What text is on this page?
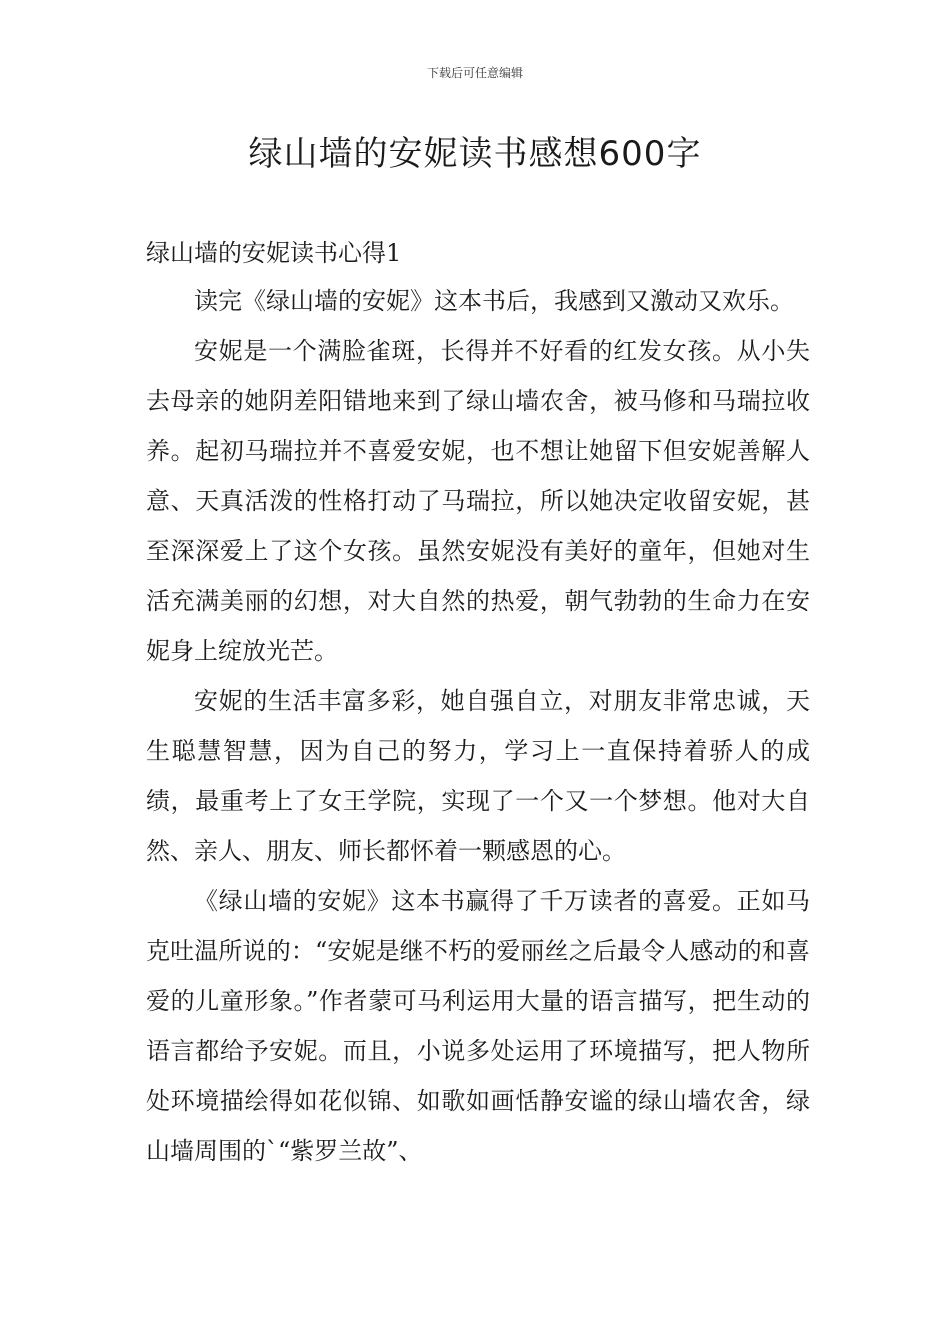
下载后可任意编辑
绿山墙的安妮读书感想600字
绿山墙的安妮读书心得1

读完《绿山墙的安妮》这本书后，我感到又激动又欢乐。

安妮是一个满脸雀斑，长得并不好看的红发女孩。从小失去母亲的她阴差阳错地来到了绿山墙农舍，被马修和马瑞拉收养。起初马瑞拉并不喜爱安妮，也不想让她留下但安妮善解人意、天真活泼的性格打动了马瑞拉，所以她决定收留安妮，甚至深深爱上了这个女孩。虽然安妮没有美好的童年，但她对生活充满美丽的幻想，对大自然的热爱，朝气勃勃的生命力在安妮身上绽放光芒。

安妮的生活丰富多彩，她自强自立，对朋友非常忠诚，天生聪慧智慧，因为自己的努力，学习上一直保持着骄人的成绩，最重考上了女王学院，实现了一个又一个梦想。他对大自然、亲人、朋友、师长都怀着一颗感恩的心。

《绿山墙的安妮》这本书赢得了千万读者的喜爱。正如马克吐温所说的：“安妮是继不朽的爱丽丝之后最令人感动的和喜爱的儿童形象。”作者蒙可马利运用大量的语言描写，把生动的语言都给予安妮。而且，小说多处运用了环境描写，把人物所处环境描绘得如花似锦、如歌如画恬静安谧的绿山墙农舍，绿山墙周围的`“紫罗兰故”、
